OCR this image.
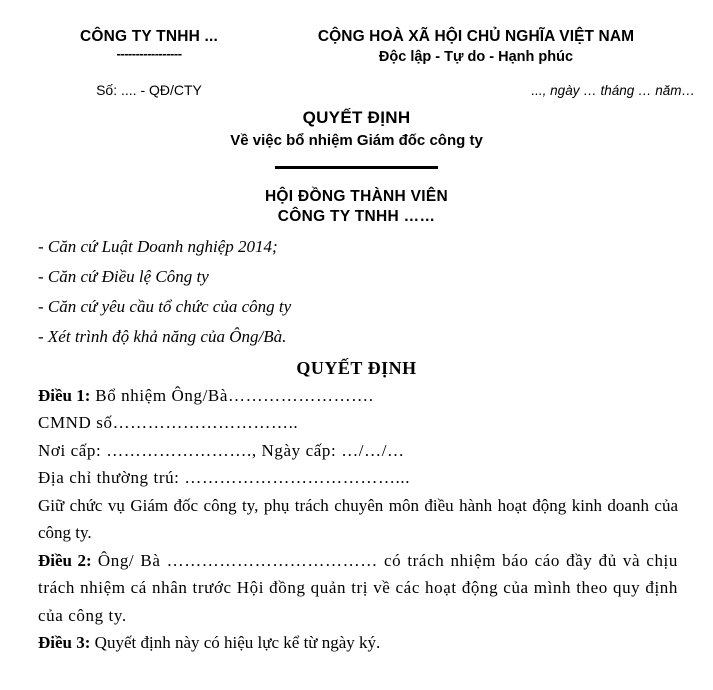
CÔNG TY TNHH ...
-----------------
Số: .... - QĐ/CTY
CỘNG HOÀ XÃ HỘI CHỦ NGHĨA VIỆT NAM
Độc lập - Tự do - Hạnh phúc
..., ngày … tháng … năm…
QUYẾT ĐỊNH
Về việc bổ nhiệm Giám đốc công ty
HỘI ĐỒNG THÀNH VIÊN
CÔNG TY TNHH ……
- Căn cứ Luật Doanh nghiệp 2014;
- Căn cứ Điều lệ Công ty
- Căn cứ yêu cầu tổ chức của công ty
- Xét trình độ khả năng của Ông/Bà.
QUYẾT ĐỊNH

Điều 1: Bổ nhiệm Ông/Bà…………………….

CMND số…………………………..

Nơi cấp: ……………………., Ngày cấp: …/…/…

Địa chỉ thường trú: ………………………………...

Giữ chức vụ Giám đốc công ty, phụ trách chuyên môn điều hành hoạt động kinh doanh của công ty.

Điều 2: Ông/ Bà ……………………………… có trách nhiệm báo cáo đầy đủ và chịu trách nhiệm cá nhân trước Hội đồng quản trị về các hoạt động của mình theo quy định của công ty.

Điều 3: Quyết định này có hiệu lực kể từ ngày ký.
